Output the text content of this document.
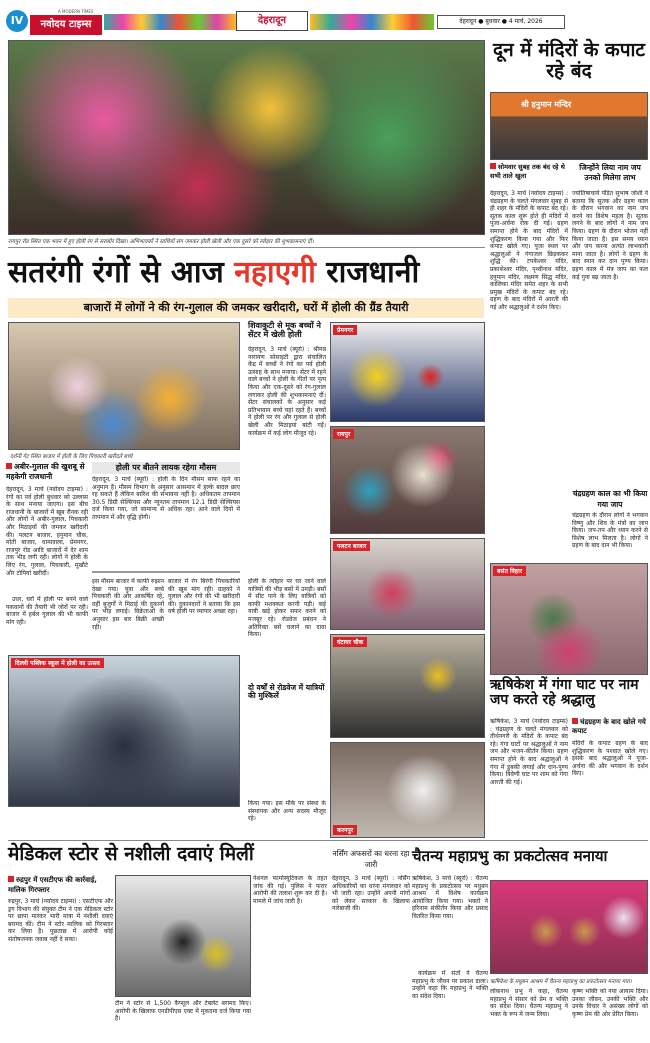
IV
A MODERN TIMES
नवोदय टाइम्स	देहरादून	देहरादून ● बुधवार ● 4 मार्च, 2026
रायपुर रोड स्थित एक भवन में हुए होली रंग से सराबोर दिखा। अभिभावकों ने साथियों संग जमकर होली खेली और एक दूसरे को त्योहार की शुभकामनाएं दीं।
सतरंगी रंगों से आज नहाएगी राजधानी
बाजारों में लोगों ने की रंग-गुलाल की जमकर खरीदारी, घरों में होली की ग्रैंड तैयारी
दर्शनी गेट स्थित बाजार में होली के लिए पिचकारी खरीदते बच्चे
अबीर-गुलाल की खुशबू से महकेगी राजधानी
देहरादून, 3 मार्च (नवोदय टाइम्स) : रंगों का पर्व होली बुधवार को उल्लास के साथ मनाया जाएगा। इस बीच राजधानी के बाजारों में खूब रौनक रही और लोगों ने अबीर-गुलाल, पिचकारी और मिठाइयों की जमकर खरीदारी की। पलटन बाजार, हनुमान चौक, मोती बाजार, धामावाला, प्रेमनगर, राजपुर रोड आदि बाजारों में देर शाम तक भीड़ लगी रही। लोगों ने होली के लिए रंग, गुलाल, पिचकारी, मुखौटे और टोपियां खरीदीं।
उधर, घरों में होली पर बनने वाले पकवानों की तैयारी भी जोरों पर रही। बाजार में हर्बल गुलाल की भी काफी मांग रही।
होली पर बीतने लायक रहेगा मौसम
देहरादून, 3 मार्च (ब्यूरो) : होली के दिन मौसम साफ रहने का अनुमान है। मौसम विभाग के अनुसार आसमान में हल्के बादल छाए रह सकते हैं लेकिन बारिश की संभावना नहीं है। अधिकतम तापमान 30.5 डिग्री सेल्सियस और न्यूनतम तापमान 12.1 डिग्री सेल्सियस दर्ज किया गया, जो सामान्य से अधिक रहा। आने वाले दिनों में तापमान में और वृद्धि होगी।
इस मौसम बाजार में काफी रुझान देखा गया। युवा और बच्चे पिचकारी की ओर आकर्षित रहे, वहीं बुजुर्गों ने मिठाई की दुकानों पर भीड़ लगाई। विक्रेताओं के अनुसार इस बार बिक्री अच्छी रही।
बाजार में रंग बिरंगी पिचकारियों की खूब मांग रही। ग्राहकों ने गुलाल और रंगों की भी खरीदारी की। दुकानदारों ने बताया कि इस वर्ष होली पर व्यापार अच्छा रहा।
शिवाकुटी से मूक बच्चों ने सेंटर में खेली होली
देहरादून, 3 मार्च (ब्यूरो) : श्रीमन्न नारायण सोसाइटी द्वारा संचालित केंद्र में बच्चों ने रंगों का पर्व होली उत्साह के साथ मनाया। सेंटर में रहने वाले बच्चों ने होली के गीतों पर नृत्य किया और एक-दूसरे को रंग-गुलाल लगाकर होली की शुभकामनाएं दीं। सेंटर संचालकों के अनुसार कई प्रतिभावान बच्चे यहां रहते हैं। बच्चों ने होली पर रंग और गुलाल से होली खेली और मिठाइयां बांटी गईं। कार्यक्रम में कई लोग मौजूद रहे।
होली के त्योहार पर घर जाने वाले यात्रियों की भीड़ बसों में उमड़ी। बसों में सीट पाने के लिए यात्रियों को काफी मशक्कत करनी पड़ी। कई यात्री खड़े होकर सफर करने को मजबूर रहे। रोडवेज प्रबंधन ने अतिरिक्त बसें चलाने का दावा किया।
दो वर्षों से रोडवेज में यात्रियों की मुश्किलें
दिल्ली पब्लिक स्कूल में होली का उत्सव
किया गया। इस मौके पर संस्था के संस्थापक और अन्य सदस्य मौजूद रहे।
प्रेमनगर
रायपुर
पलटन बाजार
घंटाघर चौक
करनपुर
दून में मंदिरों के कपाट रहे बंद
श्री हनुमान मन्दिर
सोमवार सुबह तक बंद रहे थे सभी ताले खुला
जिन्होंने लिया नाम जप उनको मिलेगा लाभ
देहरादून, 3 मार्च (नवोदय टाइम्स) : चंद्रग्रहण के चलते मंगलवार सुबह से ही शहर के मंदिरों के कपाट बंद रहे। सूतक काल शुरू होते ही मंदिरों में पूजा-अर्चना रोक दी गई। ग्रहण समाप्त होने के बाद मंदिरों में शुद्धिकरण किया गया और फिर कपाट खोले गए। पूजा स्थल पर श्रद्धालुओं ने गंगाजल छिड़ककर शुद्धि की। टपकेश्वर मंदिर, प्रकाशेश्वर मंदिर, पृथ्वीनाथ मंदिर, हनुमान मंदिर, लक्ष्मण सिद्ध मंदिर, कालिका मंदिर समेत शहर के सभी प्रमुख मंदिरों के कपाट बंद रहे। ग्रहण के बाद मंदिरों में आरती की गई और श्रद्धालुओं ने दर्शन किए।
ज्योतिषाचार्य पंडित सुभाष जोशी ने बताया कि सूतक और ग्रहण काल के दौरान भगवान का नाम जप करने का विशेष महत्व है। सूतक लगने के बाद लोगों ने नाम जप किया। ग्रहण के दौरान भोजन नहीं किया जाता है। इस समय ध्यान और जप करना अत्यंत लाभकारी माना जाता है। लोगों ने ग्रहण के बाद स्नान कर दान पुण्य किया। ग्रहण काल में मंत्र जाप का फल कई गुना बढ़ जाता है।
चंद्रग्रहण काल का भी किया गया जाप
चंद्रग्रहण के दौरान लोगों ने भगवान विष्णु और शिव के मंत्रों का जाप किया। जप-तप और ध्यान करने से विशेष लाभ मिलता है। लोगों ने ग्रहण के बाद दान भी किया।
बसंत विहार
ऋषिकेश में गंगा घाट पर नाम जप करते रहे श्रद्धालु
ऋषिकेश, 3 मार्च (नवोदय टाइम्स) : चंद्रग्रहण के चलते मंगलवार को तीर्थनगरी के मंदिरों के कपाट बंद रहे। गंगा घाटों पर श्रद्धालुओं ने नाम जप और भजन-कीर्तन किया। ग्रहण समाप्त होने के बाद श्रद्धालुओं ने गंगा में डुबकी लगाई और दान-पुण्य किया। त्रिवेणी घाट पर शाम को गंगा आरती की गई।
चंद्रग्रहण के बाद खोले गये कपाट
मंदिरों के कपाट ग्रहण के बाद शुद्धिकरण के पश्चात खोले गए। इसके बाद श्रद्धालुओं ने पूजा-अर्चना की और भगवान के दर्शन किए।
मेडिकल स्टोर से नशीली दवाएं मिलीं
रुद्रपुर में एसटीएफ की कार्रवाई, मालिक गिरफ्तार
रुद्रपुर, 3 मार्च (नवोदय टाइम्स) : एसटीएफ और ड्रग विभाग की संयुक्त टीम ने एक मेडिकल स्टोर पर छापा मारकर भारी मात्रा में नशीली दवाएं बरामद कीं। टीम ने स्टोर मालिक को गिरफ्तार कर लिया है। पूछताछ में आरोपी कोई संतोषजनक जवाब नहीं दे सका।
टीम ने स्टोर से 1,500 कैप्सूल और टेबलेट बरामद किए। आरोपी के खिलाफ एनडीपीएस एक्ट में मुकदमा दर्ज किया गया है।
नेशनल फार्मास्यूटिकल के तहत जांच की गई। पुलिस ने फरार आरोपी की तलाश शुरू कर दी है। मामले में जांच जारी है।
नर्सिंग अफसरों का धरना रहा जारी
देहरादून, 3 मार्च (ब्यूरो) : नर्सिंग अधिकारियों का धरना मंगलवार को भी जारी रहा। उन्होंने अपनी मांगों को लेकर सरकार के खिलाफ नारेबाजी की।
चैतन्य महाप्रभु का प्रकटोत्सव मनाया
ऋषिकेश, 3 मार्च (ब्यूरो) : चैतन्य महाप्रभु के प्रकटोत्सव पर मधुबन आश्रम में विशेष कार्यक्रम आयोजित किया गया। भक्तों ने हरिनाम संकीर्तन किया और प्रसाद वितरित किया गया।
कार्यक्रम में संतों ने चैतन्य महाप्रभु के जीवन पर प्रकाश डाला। उन्होंने कहा कि महाप्रभु ने भक्ति का संदेश दिया।
ऋषिकेश के मधुबन आश्रम में चैतन्य महाप्रभु का प्रकटोत्सव मनाया गया।
लोकनाथ प्रभु ने कहा, चैतन्य महाप्रभु ने संसार को प्रेम व भक्ति का संदेश दिया। चैतन्य महाप्रभु ने भक्त के रूप में जन्म लिया।
कृष्ण भक्ति को नया आयाम दिया। उनका जीवन, उनकी भक्ति और उनके विचार ने असंख्य लोगों को कृष्ण प्रेम की ओर प्रेरित किया।
